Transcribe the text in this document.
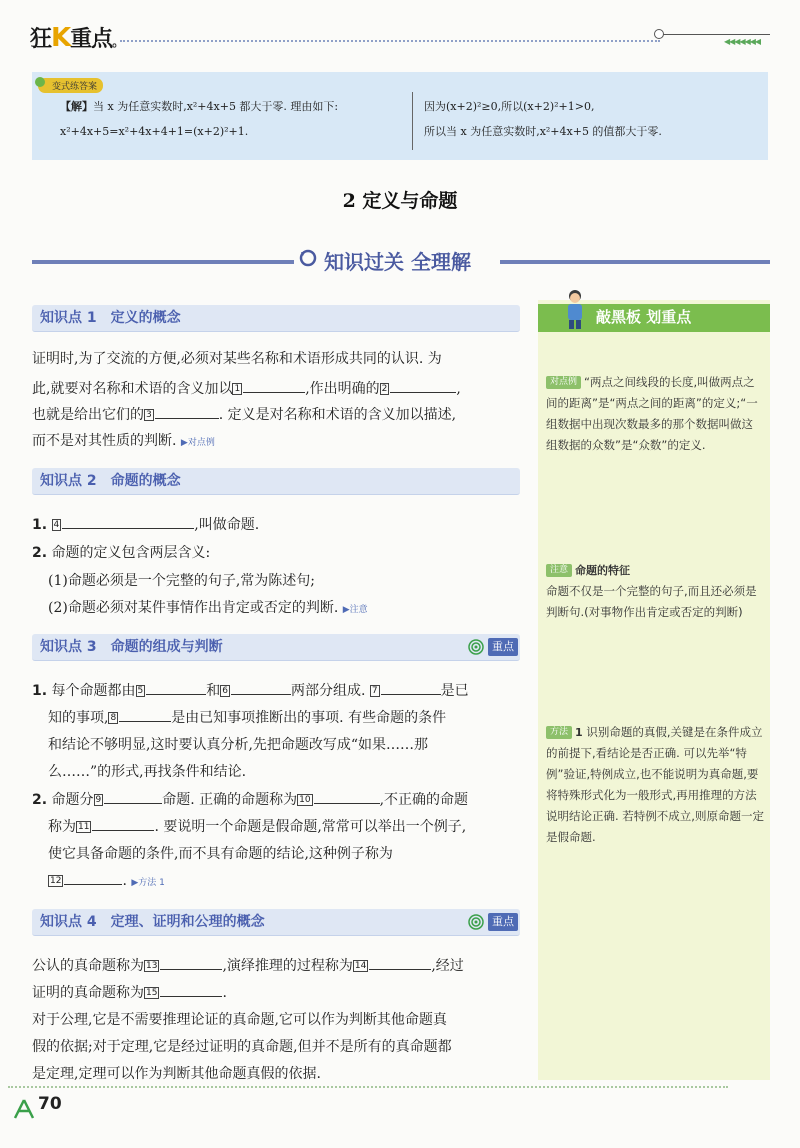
狂K重点。	◀◀◀◀◀◀◀
变式练答案
【解】当 x 为任意实数时,x²+4x+5 都大于零. 理由如下:
x²+4x+5=x²+4x+4+1=(x+2)²+1.
因为(x+2)²≥0,所以(x+2)²+1>0,
所以当 x 为任意实数时,x²+4x+5 的值都大于零.
2 定义与命题
知识过关 全理解
知识点 1 定义的概念
证明时,为了交流的方便,必须对某些名称和术语形成共同的认识. 为
此,就要对名称和术语的含义加以 1	,作出明确的 2	,
也就是给出它们的 3	. 定义是对名称和术语的含义加以描述,
而不是对其性质的判断. ▶对点例
知识点 2 命题的概念
1. 4	,叫做命题.
2. 命题的定义包含两层含义:
(1)命题必须是一个完整的句子,常为陈述句;
(2)命题必须对某件事情作出肯定或否定的判断. ▶注意
知识点 3 命题的组成与判断	重点
1. 每个命题都由 5	和 6	两部分组成. 7	是已
知的事项, 8	是由已知事项推断出的事项. 有些命题的条件
和结论不够明显,这时要认真分析,先把命题改写成“如果……那
么……”的形式,再找条件和结论.
2. 命题分 9	命题. 正确的命题称为 10	,不正确的命题
称为 11	. 要说明一个命题是假命题,常常可以举出一个例子,
使它具备命题的条件,而不具有命题的结论,这种例子称为
12	. ▶方法 1
知识点 4 定理、证明和公理的概念	重点
公认的真命题称为 13	,演绎推理的过程称为 14	,经过
证明的真命题称为 15	.
对于公理,它是不需要推理论证的真命题,它可以作为判断其他命题真
假的依据;对于定理,它是经过证明的真命题,但并不是所有的真命题都
是定理,定理可以作为判断其他命题真假的依据.
敲黑板 划重点
对点例 “两点之间线段的长度,叫做两点之间的距离”是“两点之间的距离”的定义;“一组数据中出现次数最多的那个数据叫做这组数据的众数”是“众数”的定义.
注意 命题的特征
命题不仅是一个完整的句子,而且还必须是判断句.(对事物作出肯定或否定的判断)
方法 1 识别命题的真假,关键是在条件成立的前提下,看结论是否正确. 可以先举“特例”验证,特例成立,也不能说明为真命题,要将特殊形式化为一般形式,再用推理的方法说明结论正确. 若特例不成立,则原命题一定是假命题.
70
